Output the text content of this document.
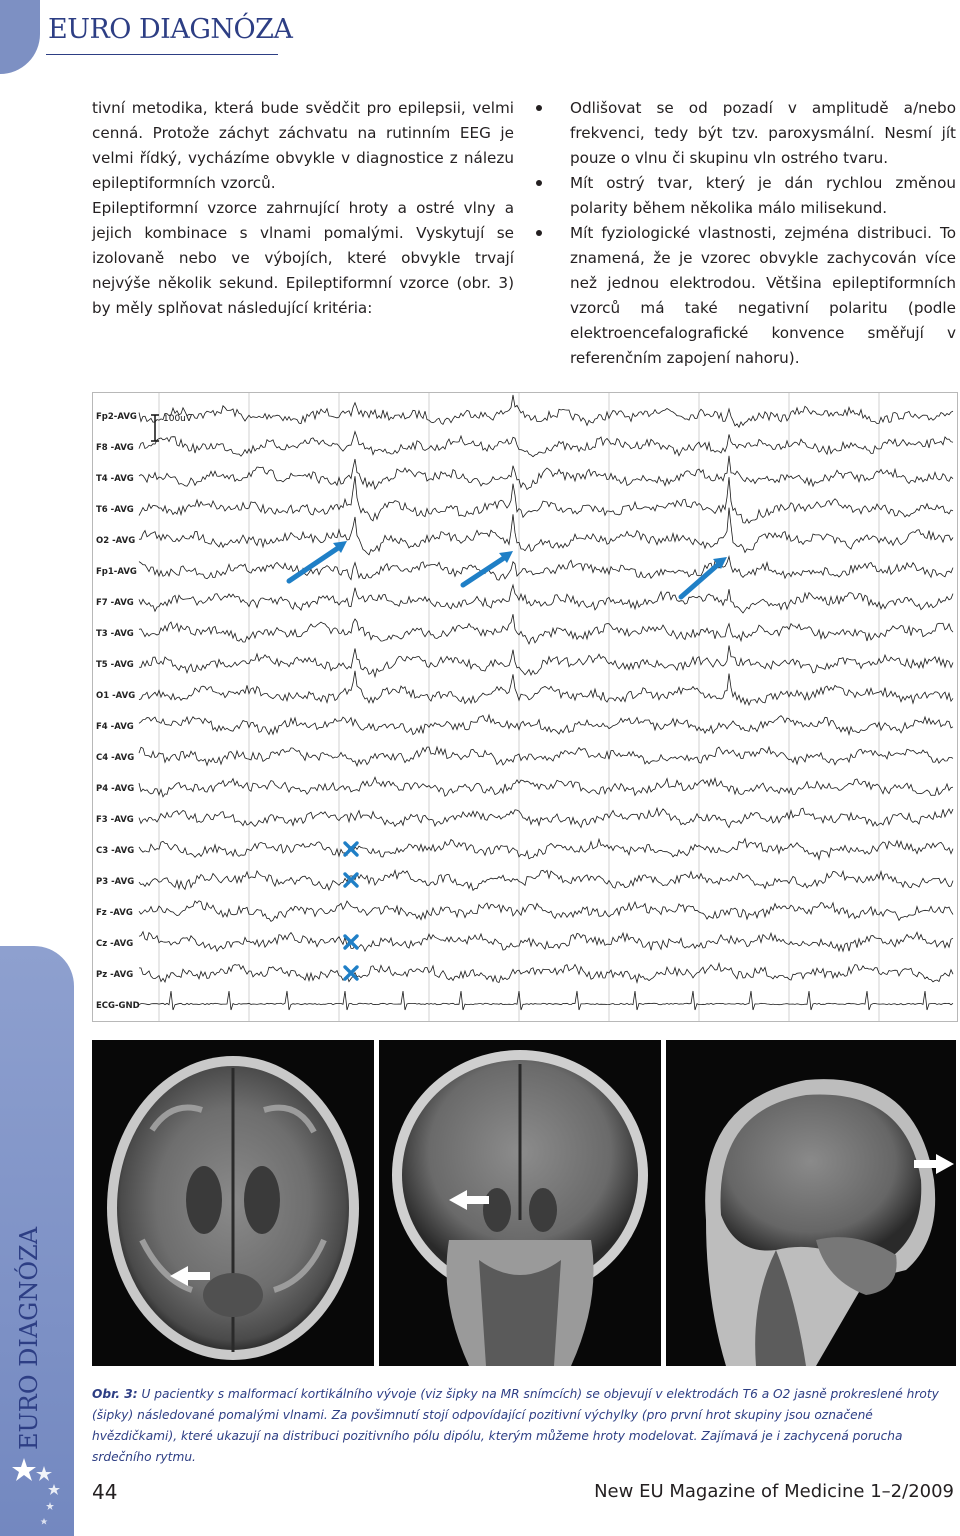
EURO DIAGNÓZA
EURO DIAGNÓZA
tivní metodika, která bude svědčit pro epilepsii, velmi cenná. Protože záchyt záchvatu na rutinním EEG je velmi řídký, vycházíme obvykle v diagnostice z nálezu epileptiformních vzorců.
Epileptiformní vzorce zahrnující hroty a ostré vlny a jejich kombinace s vlnami pomalými. Vyskytují se izolovaně nebo ve výbojích, které obvykle trvají nejvýše několik sekund. Epileptiformní vzorce (obr. 3) by měly splňovat následující kritéria:
Odlišovat se od pozadí v amplitudě a/nebo frekvenci, tedy být tzv. paroxysmální. Nesmí jít pouze o vlnu či skupinu vln ostrého tvaru.
Mít ostrý tvar, který je dán rychlou změnou polarity během několika málo milisekund.
Mít fyziologické vlastnosti, zejména distribuci. To znamená, že je vzorec obvykle zachycován více než jednou elektrodou. Většina epileptiformních vzorců má také negativní polaritu (podle elektroencefalografické konvence směřují v referenčním zapojení nahoru).
Fp2-AVG
F8 -AVG
T4 -AVG
T6 -AVG
O2 -AVG
Fp1-AVG
F7 -AVG
T3 -AVG
T5 -AVG
O1 -AVG
F4 -AVG
C4 -AVG
P4 -AVG
F3 -AVG
C3 -AVG
P3 -AVG
Fz -AVG
Cz -AVG
Pz -AVG
ECG-GND
100uV
Obr. 3: U pacientky s malformací kortikálního vývoje (viz šipky na MR snímcích) se objevují v elektrodách T6 a O2 jasně prokreslené hroty (šipky) následované pomalými vlnami. Za povšimnutí stojí odpovídající pozitivní výchylky (pro první hrot skupiny jsou označené hvězdičkami), které ukazují na distribuci pozitivního pólu dipólu, kterým můžeme hroty modelovat. Zajímavá je i zachycená porucha srdečního rytmu.
44	New EU Magazine of Medicine 1–2/2009
